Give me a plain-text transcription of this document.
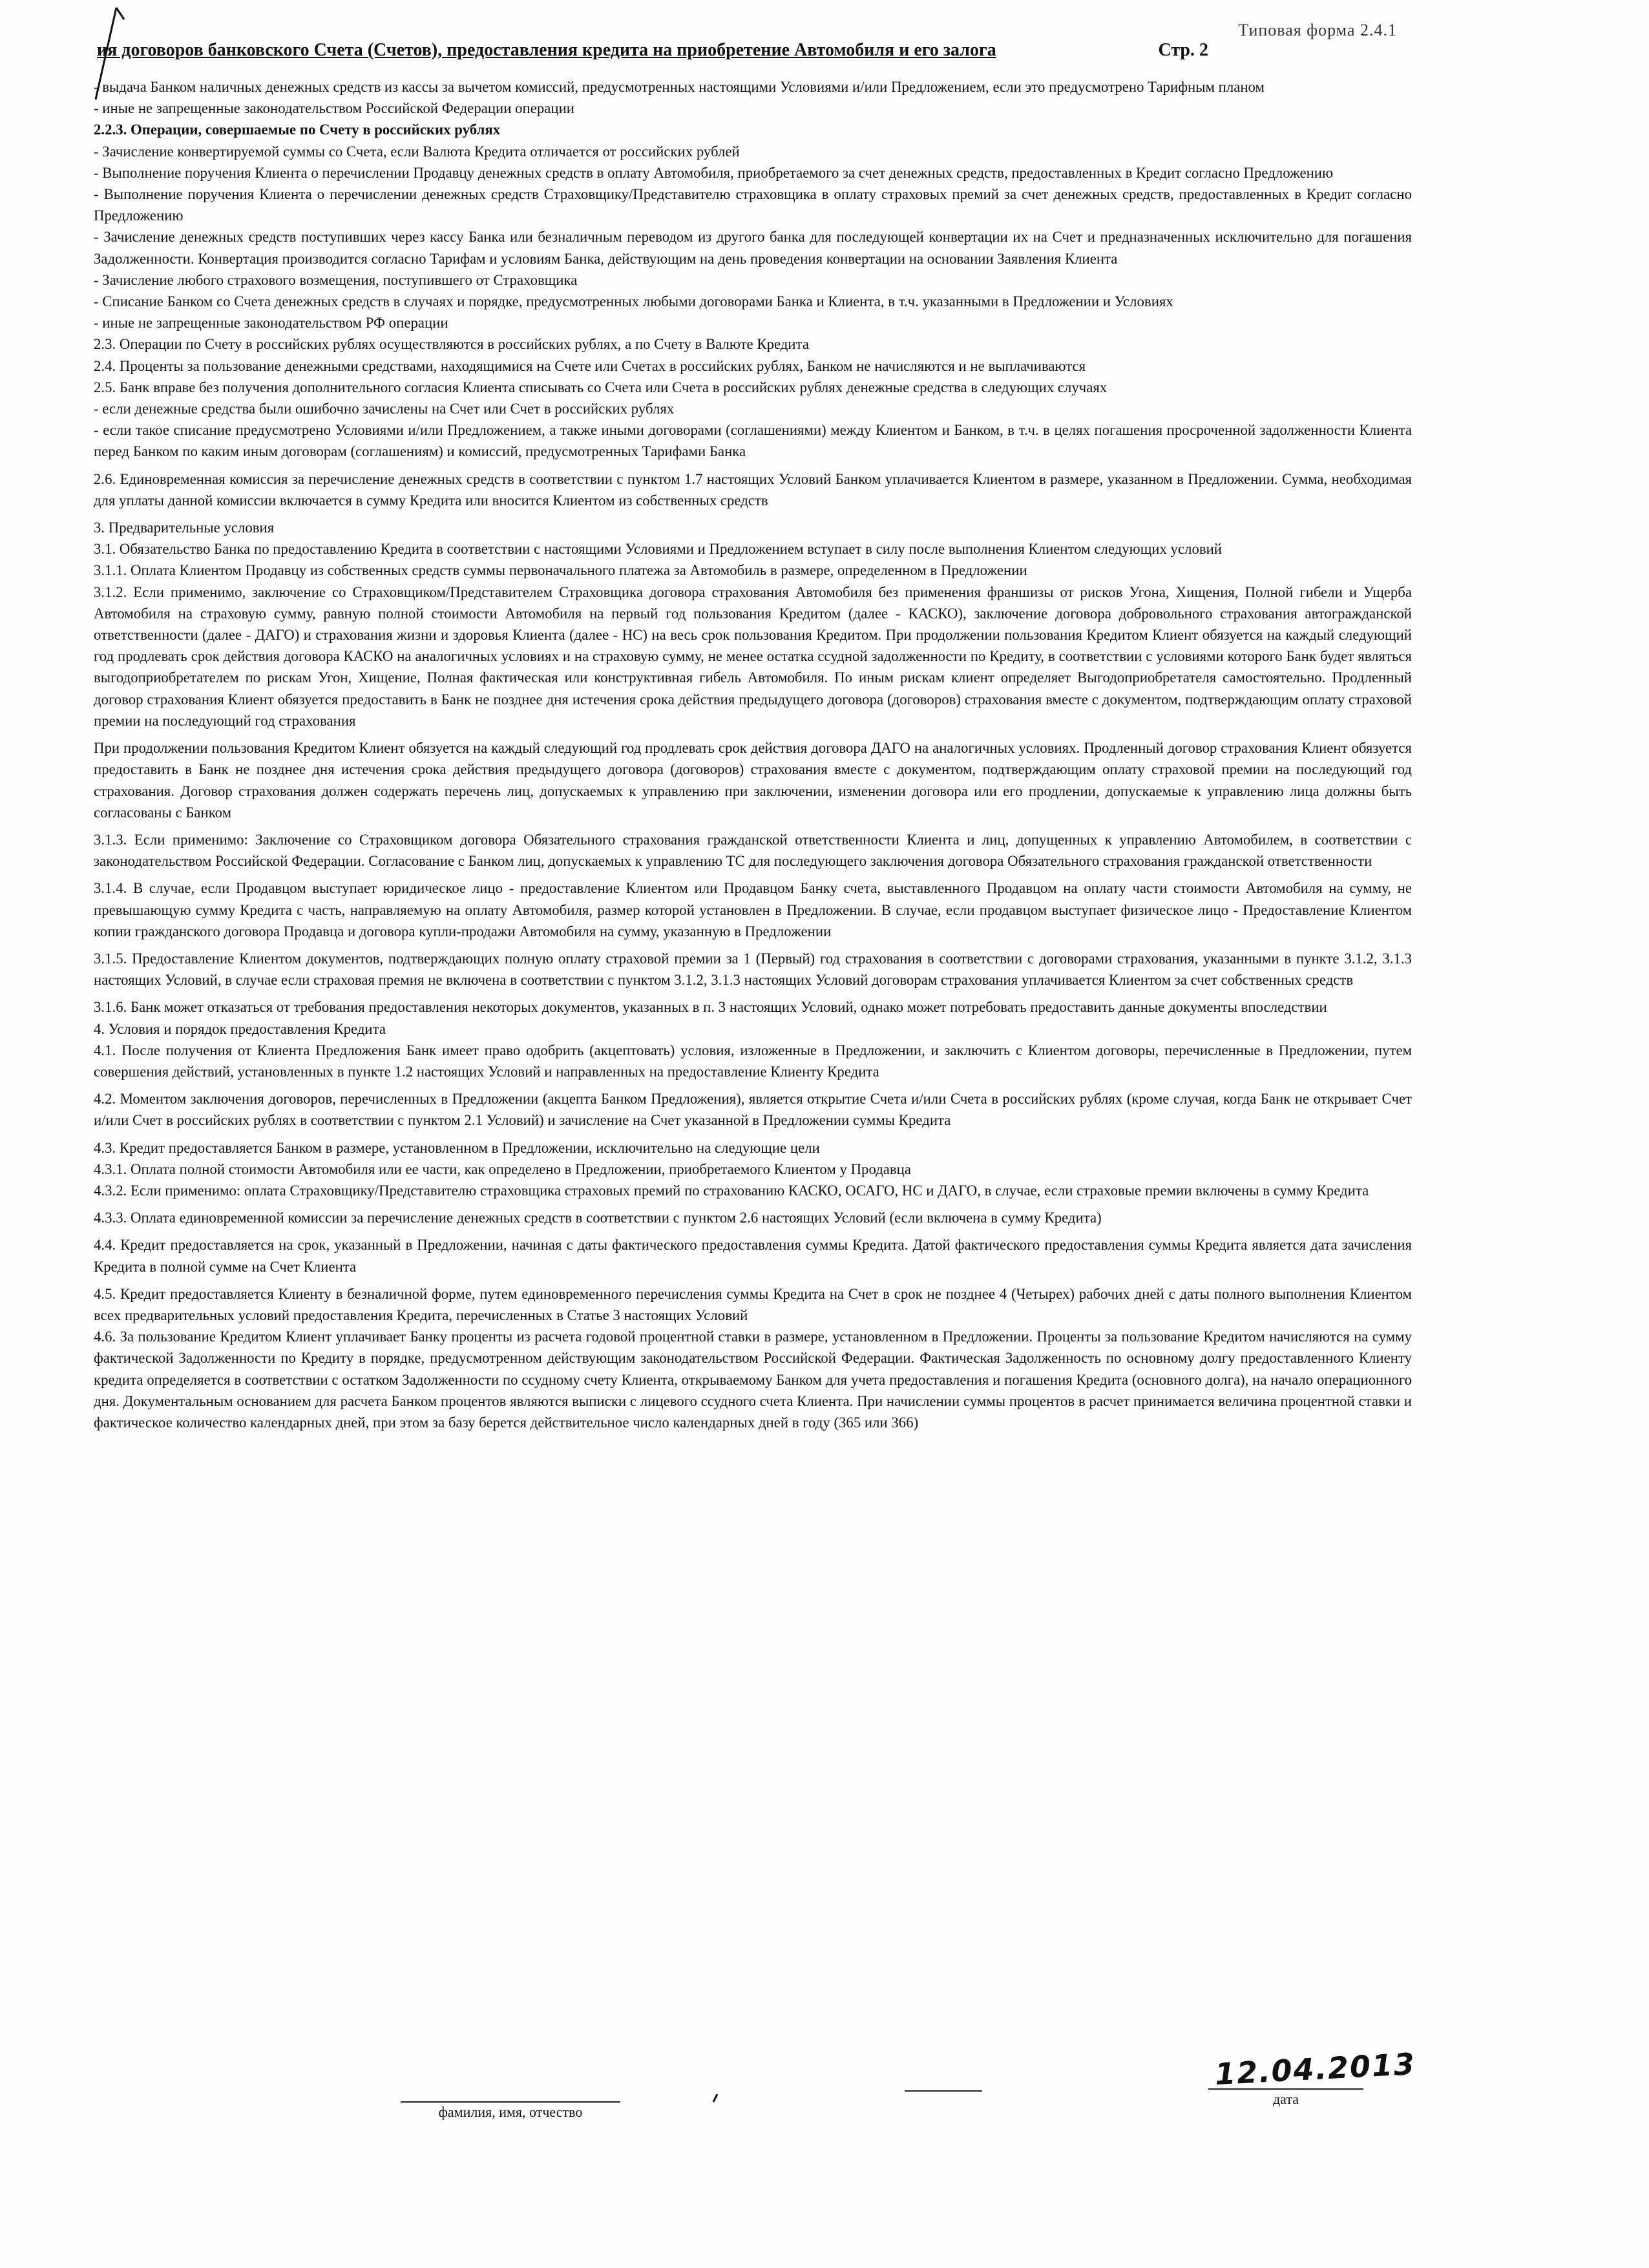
Типовая форма 2.4.1
ия договоров банковского Счета (Счетов), предоставления кредита на приобретение Автомобиля и его залога	Стр. 2

- выдача Банком наличных денежных средств из кассы за вычетом комиссий, предусмотренных настоящими Условиями и/или Предложением, если это предусмотрено Тарифным планом

- иные не запрещенные законодательством Российской Федерации операции

2.2.3. Операции, совершаемые по Счету в российских рублях

- Зачисление конвертируемой суммы со Счета, если Валюта Кредита отличается от российских рублей

- Выполнение поручения Клиента о перечислении Продавцу денежных средств в оплату Автомобиля, приобретаемого за счет денежных средств, предоставленных в Кредит согласно Предложению

- Выполнение поручения Клиента о перечислении денежных средств Страховщику/Представителю страховщика в оплату страховых премий за счет денежных средств, предоставленных в Кредит согласно Предложению

- Зачисление денежных средств поступивших через кассу Банка или безналичным переводом из другого банка для последующей конвертации их на Счет и предназначенных исключительно для погашения Задолженности. Конвертация производится согласно Тарифам и условиям Банка, действующим на день проведения конвертации на основании Заявления Клиента

- Зачисление любого страхового возмещения, поступившего от Страховщика

- Списание Банком со Счета денежных средств в случаях и порядке, предусмотренных любыми договорами Банка и Клиента, в т.ч. указанными в Предложении и Условиях

- иные не запрещенные законодательством РФ операции

2.3. Операции по Счету в российских рублях осуществляются в российских рублях, а по Счету в Валюте Кредита

2.4. Проценты за пользование денежными средствами, находящимися на Счете или Счетах в российских рублях, Банком не начисляются и не выплачиваются

2.5. Банк вправе без получения дополнительного согласия Клиента списывать со Счета или Счета в российских рублях денежные средства в следующих случаях

- если денежные средства были ошибочно зачислены на Счет или Счет в российских рублях

- если такое списание предусмотрено Условиями и/или Предложением, а также иными договорами (соглашениями) между Клиентом и Банком, в т.ч. в целях погашения просроченной задолженности Клиента перед Банком по каким иным договорам (соглашениям) и комиссий, предусмотренных Тарифами Банка

2.6. Единовременная комиссия за перечисление денежных средств в соответствии с пунктом 1.7 настоящих Условий Банком уплачивается Клиентом в размере, указанном в Предложении. Сумма, необходимая для уплаты данной комиссии включается в сумму Кредита или вносится Клиентом из собственных средств

3. Предварительные условия

3.1. Обязательство Банка по предоставлению Кредита в соответствии с настоящими Условиями и Предложением вступает в силу после выполнения Клиентом следующих условий

3.1.1. Оплата Клиентом Продавцу из собственных средств суммы первоначального платежа за Автомобиль в размере, определенном в Предложении

3.1.2. Если применимо, заключение со Страховщиком/Представителем Страховщика договора страхования Автомобиля без применения франшизы от рисков Угона, Хищения, Полной гибели и Ущерба Автомобиля на страховую сумму, равную полной стоимости Автомобиля на первый год пользования Кредитом (далее - КАСКО), заключение договора добровольного страхования автогражданской ответственности (далее - ДАГО) и страхования жизни и здоровья Клиента (далее - НС) на весь срок пользования Кредитом. При продолжении пользования Кредитом Клиент обязуется на каждый следующий год продлевать срок действия договора КАСКО на аналогичных условиях и на страховую сумму, не менее остатка ссудной задолженности по Кредиту, в соответствии с условиями которого Банк будет являться выгодоприобретателем по рискам Угон, Хищение, Полная фактическая или конструктивная гибель Автомобиля. По иным рискам клиент определяет Выгодоприобретателя самостоятельно. Продленный договор страхования Клиент обязуется предоставить в Банк не позднее дня истечения срока действия предыдущего договора (договоров) страхования вместе с документом, подтверждающим оплату страховой премии на последующий год страхования

При продолжении пользования Кредитом Клиент обязуется на каждый следующий год продлевать срок действия договора ДАГО на аналогичных условиях. Продленный договор страхования Клиент обязуется предоставить в Банк не позднее дня истечения срока действия предыдущего договора (договоров) страхования вместе с документом, подтверждающим оплату страховой премии на последующий год страхования. Договор страхования должен содержать перечень лиц, допускаемых к управлению при заключении, изменении договора или его продлении, допускаемые к управлению лица должны быть согласованы с Банком

3.1.3. Если применимо: Заключение со Страховщиком договора Обязательного страхования гражданской ответственности Клиента и лиц, допущенных к управлению Автомобилем, в соответствии с законодательством Российской Федерации. Согласование с Банком лиц, допускаемых к управлению ТС для последующего заключения договора Обязательного страхования гражданской ответственности

3.1.4. В случае, если Продавцом выступает юридическое лицо - предоставление Клиентом или Продавцом Банку счета, выставленного Продавцом на оплату части стоимости Автомобиля на сумму, не превышающую сумму Кредита с часть, направляемую на оплату Автомобиля, размер которой установлен в Предложении. В случае, если продавцом выступает физическое лицо - Предоставление Клиентом копии гражданского договора Продавца и договора купли-продажи Автомобиля на сумму, указанную в Предложении

3.1.5. Предоставление Клиентом документов, подтверждающих полную оплату страховой премии за 1 (Первый) год страхования в соответствии с договорами страхования, указанными в пункте 3.1.2, 3.1.3 настоящих Условий, в случае если страховая премия не включена в соответствии с пунктом 3.1.2, 3.1.3 настоящих Условий договорам страхования уплачивается Клиентом за счет собственных средств

3.1.6. Банк может отказаться от требования предоставления некоторых документов, указанных в п. 3 настоящих Условий, однако может потребовать предоставить данные документы впоследствии

4. Условия и порядок предоставления Кредита

4.1. После получения от Клиента Предложения Банк имеет право одобрить (акцептовать) условия, изложенные в Предложении, и заключить с Клиентом договоры, перечисленные в Предложении, путем совершения действий, установленных в пункте 1.2 настоящих Условий и направленных на предоставление Клиенту Кредита

4.2. Моментом заключения договоров, перечисленных в Предложении (акцепта Банком Предложения), является открытие Счета и/или Счета в российских рублях (кроме случая, когда Банк не открывает Счет и/или Счет в российских рублях в соответствии с пунктом 2.1 Условий) и зачисление на Счет указанной в Предложении суммы Кредита

4.3. Кредит предоставляется Банком в размере, установленном в Предложении, исключительно на следующие цели

4.3.1. Оплата полной стоимости Автомобиля или ее части, как определено в Предложении, приобретаемого Клиентом у Продавца

4.3.2. Если применимо: оплата Страховщику/Представителю страховщика страховых премий по страхованию КАСКО, ОСАГО, НС и ДАГО, в случае, если страховые премии включены в сумму Кредита

4.3.3. Оплата единовременной комиссии за перечисление денежных средств в соответствии с пунктом 2.6 настоящих Условий (если включена в сумму Кредита)

4.4. Кредит предоставляется на срок, указанный в Предложении, начиная с даты фактического предоставления суммы Кредита. Датой фактического предоставления суммы Кредита является дата зачисления Кредита в полной сумме на Счет Клиента

4.5. Кредит предоставляется Клиенту в безналичной форме, путем единовременного перечисления суммы Кредита на Счет в срок не позднее 4 (Четырех) рабочих дней с даты полного выполнения Клиентом всех предварительных условий предоставления Кредита, перечисленных в Статье 3 настоящих Условий

4.6. За пользование Кредитом Клиент уплачивает Банку проценты из расчета годовой процентной ставки в размере, установленном в Предложении. Проценты за пользование Кредитом начисляются на сумму фактической Задолженности по Кредиту в порядке, предусмотренном действующим законодательством Российской Федерации. Фактическая Задолженность по основному долгу предоставленного Клиенту кредита определяется в соответствии с остатком Задолженности по ссудному счету Клиента, открываемому Банком для учета предоставления и погашения Кредита (основного долга), на начало операционного дня. Документальным основанием для расчета Банком процентов являются выписки с лицевого ссудного счета Клиента. При начислении суммы процентов в расчет принимается величина процентной ставки и фактическое количество календарных дней, при этом за базу берется действительное число календарных дней в году (365 или 366)

фамилия, имя, отчество
12.04.2013
дата
